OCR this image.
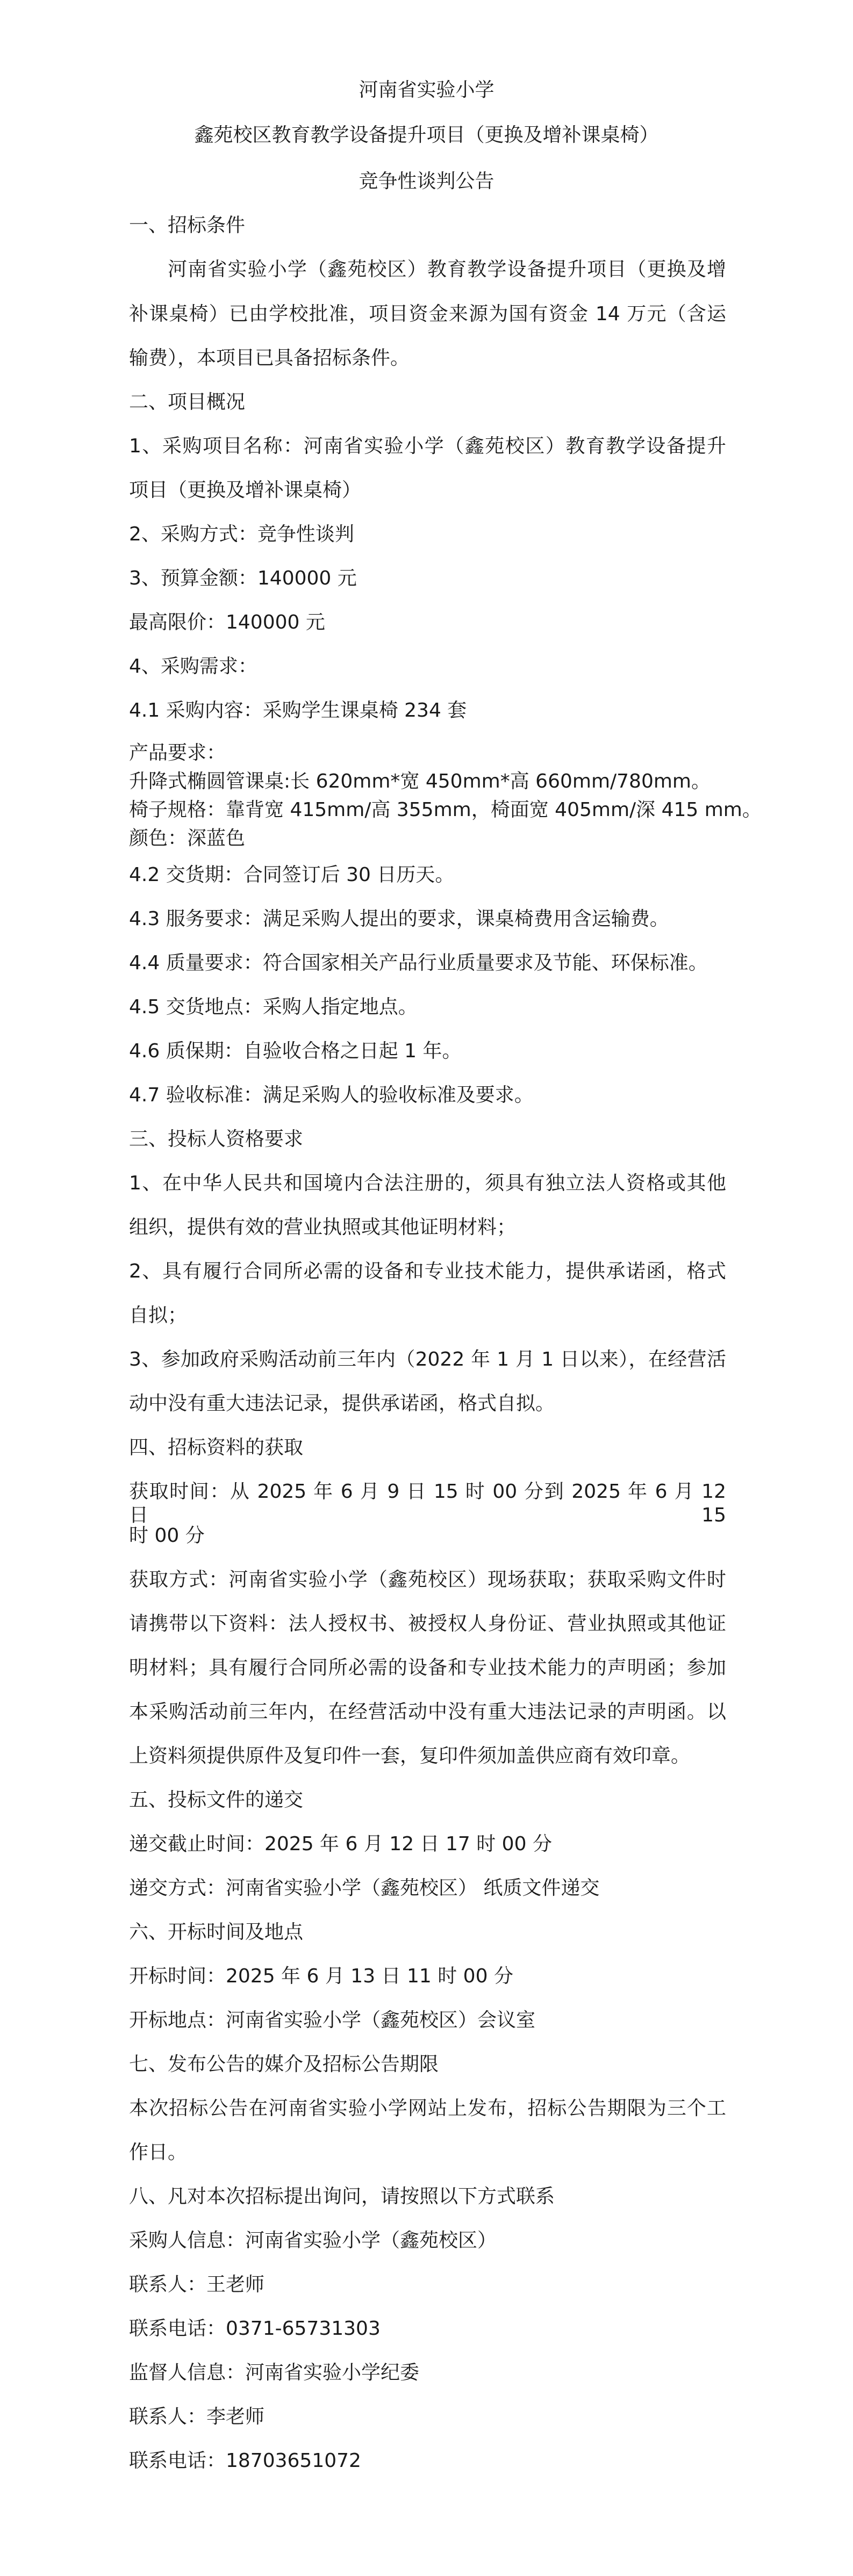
河南省实验小学
鑫苑校区教育教学设备提升项目（更换及增补课桌椅）
竞争性谈判公告
一、招标条件
河南省实验小学（鑫苑校区）教育教学设备提升项目（更换及增
补课桌椅）已由学校批准，项目资金来源为国有资金 14 万元（含运
输费），本项目已具备招标条件。
二、项目概况
1、采购项目名称：河南省实验小学（鑫苑校区）教育教学设备提升
项目（更换及增补课桌椅）
2、采购方式：竞争性谈判
3、预算金额：140000 元
最高限价：140000 元
4、采购需求：
4.1 采购内容：采购学生课桌椅 234 套
产品要求：
升降式椭圆管课桌:长 620mm*宽 450mm*高 660mm/780mm。
椅子规格：靠背宽 415mm/高 355mm，椅面宽 405mm/深 415 mm。
颜色：深蓝色
4.2 交货期：合同签订后 30 日历天。
4.3 服务要求：满足采购人提出的要求，课桌椅费用含运输费。
4.4 质量要求：符合国家相关产品行业质量要求及节能、环保标准。
4.5 交货地点：采购人指定地点。
4.6 质保期：自验收合格之日起 1 年。
4.7 验收标准：满足采购人的验收标准及要求。
三、投标人资格要求
1、在中华人民共和国境内合法注册的，须具有独立法人资格或其他
组织，提供有效的营业执照或其他证明材料；
2、具有履行合同所必需的设备和专业技术能力，提供承诺函，格式
自拟；
3、参加政府采购活动前三年内（2022 年 1 月 1 日以来），在经营活
动中没有重大违法记录，提供承诺函，格式自拟。
四、招标资料的获取
获取时间：从 2025 年 6 月 9 日 15 时 00 分到 2025 年 6 月 12 日 15
时 00 分
获取方式：河南省实验小学（鑫苑校区）现场获取；获取采购文件时
请携带以下资料：法人授权书、被授权人身份证、营业执照或其他证
明材料；具有履行合同所必需的设备和专业技术能力的声明函；参加
本采购活动前三年内，在经营活动中没有重大违法记录的声明函。以
上资料须提供原件及复印件一套，复印件须加盖供应商有效印章。
五、投标文件的递交
递交截止时间：2025 年 6 月 12 日 17 时 00 分
递交方式：河南省实验小学（鑫苑校区） 纸质文件递交
六、开标时间及地点
开标时间：2025 年 6 月 13 日 11 时 00 分
开标地点：河南省实验小学（鑫苑校区）会议室
七、发布公告的媒介及招标公告期限
本次招标公告在河南省实验小学网站上发布，招标公告期限为三个工
作日。
八、凡对本次招标提出询问，请按照以下方式联系
采购人信息：河南省实验小学（鑫苑校区）
联系人：王老师
联系电话：0371-65731303
监督人信息：河南省实验小学纪委
联系人：李老师
联系电话：18703651072
